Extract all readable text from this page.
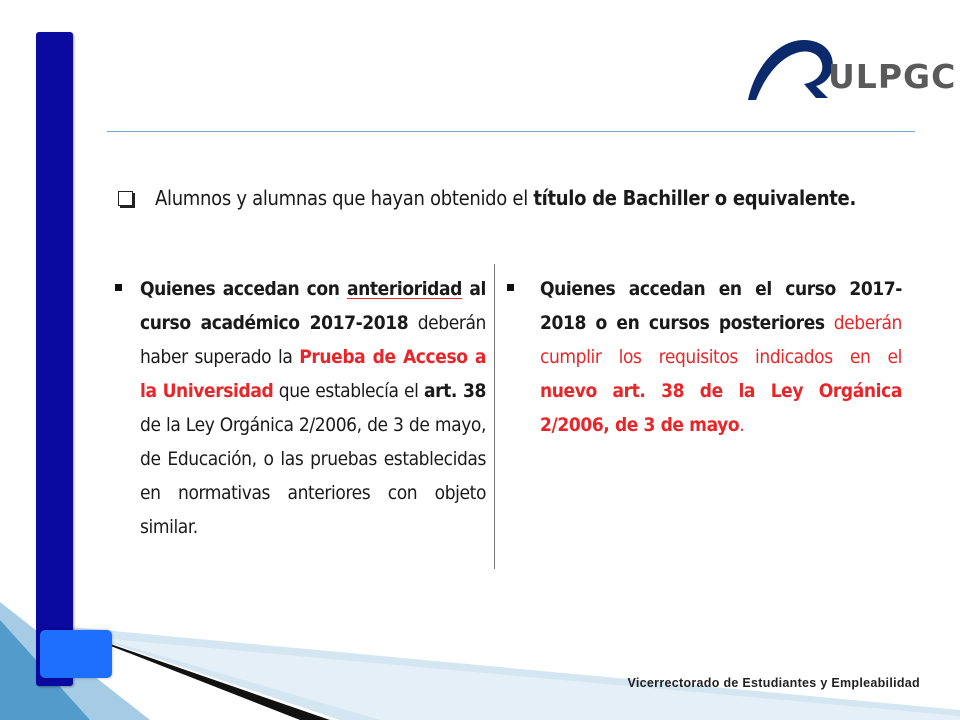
ULPGC
Alumnos y alumnas que hayan obtenido el título de Bachiller o equivalente.
Quienes accedan con anterioridad al curso académico 2017-2018 deberán haber superado la Prueba de Acceso a la Universidad que establecía el art. 38 de la Ley Orgánica 2/2006, de 3 de mayo, de Educación, o las pruebas establecidas en normativas anteriores con objeto similar.
Quienes accedan en el curso 2017-2018 o en cursos posteriores deberán cumplir los requisitos indicados en el nuevo art. 38 de la Ley Orgánica 2/2006, de 3 de mayo.
Vicerrectorado de Estudiantes y Empleabilidad
